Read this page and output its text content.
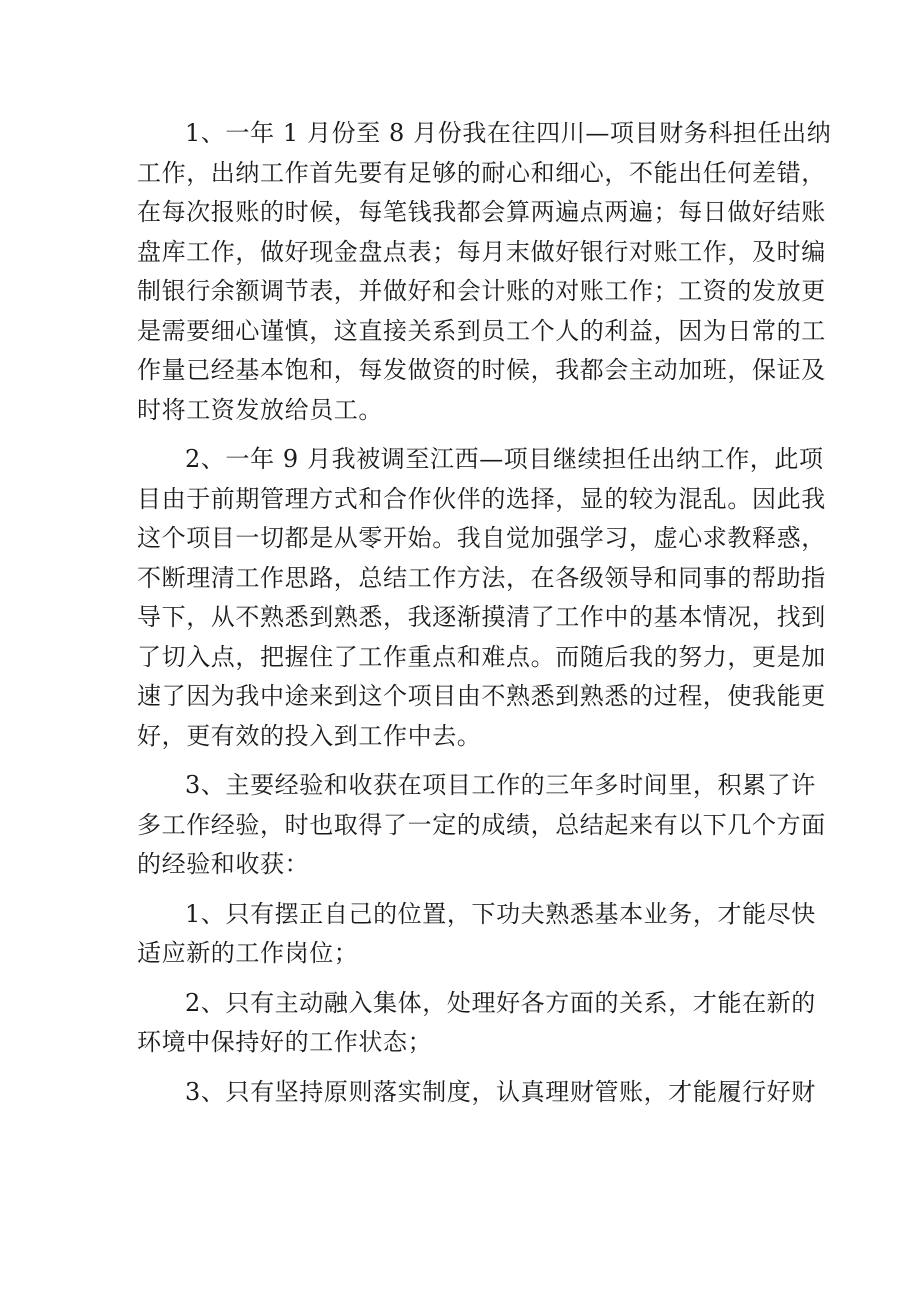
1、一年 1 月份至 8 月份我在往四川—项目财务科担任出纳
工作，出纳工作首先要有足够的耐心和细心，不能出任何差错，
在每次报账的时候，每笔钱我都会算两遍点两遍；每日做好结账
盘库工作，做好现金盘点表；每月末做好银行对账工作，及时编
制银行余额调节表，并做好和会计账的对账工作；工资的发放更
是需要细心谨慎，这直接关系到员工个人的利益，因为日常的工
作量已经基本饱和，每发做资的时候，我都会主动加班，保证及
时将工资发放给员工。

2、一年 9 月我被调至江西—项目继续担任出纳工作，此项
目由于前期管理方式和合作伙伴的选择，显的较为混乱。因此我
这个项目一切都是从零开始。我自觉加强学习，虚心求教释惑，
不断理清工作思路，总结工作方法，在各级领导和同事的帮助指
导下，从不熟悉到熟悉，我逐渐摸清了工作中的基本情况，找到
了切入点，把握住了工作重点和难点。而随后我的努力，更是加
速了因为我中途来到这个项目由不熟悉到熟悉的过程，使我能更
好，更有效的投入到工作中去。

3、主要经验和收获在项目工作的三年多时间里，积累了许
多工作经验，时也取得了一定的成绩，总结起来有以下几个方面
的经验和收获：

1、只有摆正自己的位置，下功夫熟悉基本业务，才能尽快
适应新的工作岗位；

2、只有主动融入集体，处理好各方面的关系，才能在新的
环境中保持好的工作状态；

3、只有坚持原则落实制度，认真理财管账，才能履行好财
